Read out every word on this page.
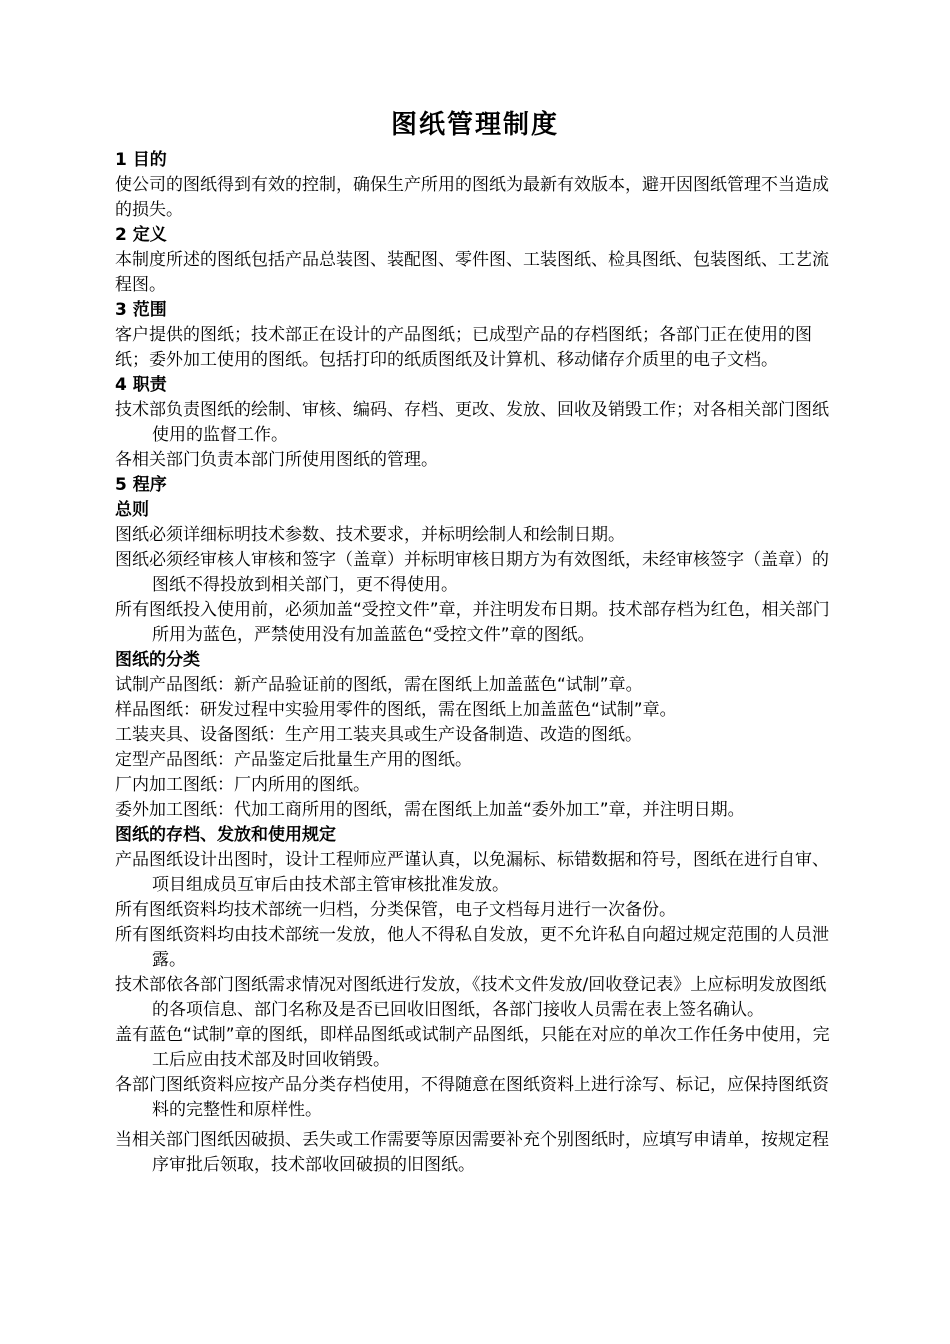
图纸管理制度

1 目的

使公司的图纸得到有效的控制，确保生产所用的图纸为最新有效版本，避开因图纸管理不当造成的损失。

2 定义

本制度所述的图纸包括产品总装图、装配图、零件图、工装图纸、检具图纸、包装图纸、工艺流程图。

3 范围

客户提供的图纸；技术部正在设计的产品图纸；已成型产品的存档图纸；各部门正在使用的图纸；委外加工使用的图纸。包括打印的纸质图纸及计算机、移动储存介质里的电子文档。

4 职责

技术部负责图纸的绘制、审核、编码、存档、更改、发放、回收及销毁工作；对各相关部门图纸使用的监督工作。

各相关部门负责本部门所使用图纸的管理。

5 程序

总则

图纸必须详细标明技术参数、技术要求，并标明绘制人和绘制日期。

图纸必须经审核人审核和签字（盖章）并标明审核日期方为有效图纸，未经审核签字（盖章）的图纸不得投放到相关部门，更不得使用。

所有图纸投入使用前，必须加盖“受控文件”章，并注明发布日期。技术部存档为红色，相关部门所用为蓝色，严禁使用没有加盖蓝色“受控文件”章的图纸。

图纸的分类

试制产品图纸：新产品验证前的图纸，需在图纸上加盖蓝色“试制”章。

样品图纸：研发过程中实验用零件的图纸，需在图纸上加盖蓝色“试制”章。

工装夹具、设备图纸：生产用工装夹具或生产设备制造、改造的图纸。

定型产品图纸：产品鉴定后批量生产用的图纸。

厂内加工图纸：厂内所用的图纸。

委外加工图纸：代加工商所用的图纸，需在图纸上加盖“委外加工”章，并注明日期。

图纸的存档、发放和使用规定

产品图纸设计出图时，设计工程师应严谨认真，以免漏标、标错数据和符号，图纸在进行自审、项目组成员互审后由技术部主管审核批准发放。

所有图纸资料均技术部统一归档，分类保管，电子文档每月进行一次备份。

所有图纸资料均由技术部统一发放，他人不得私自发放，更不允许私自向超过规定范围的人员泄露。

技术部依各部门图纸需求情况对图纸进行发放，《技术文件发放/回收登记表》上应标明发放图纸的各项信息、部门名称及是否已回收旧图纸，各部门接收人员需在表上签名确认。

盖有蓝色“试制”章的图纸，即样品图纸或试制产品图纸，只能在对应的单次工作任务中使用，完工后应由技术部及时回收销毁。

各部门图纸资料应按产品分类存档使用，不得随意在图纸资料上进行涂写、标记，应保持图纸资料的完整性和原样性。

当相关部门图纸因破损、丢失或工作需要等原因需要补充个别图纸时，应填写申请单，按规定程序审批后领取，技术部收回破损的旧图纸。
